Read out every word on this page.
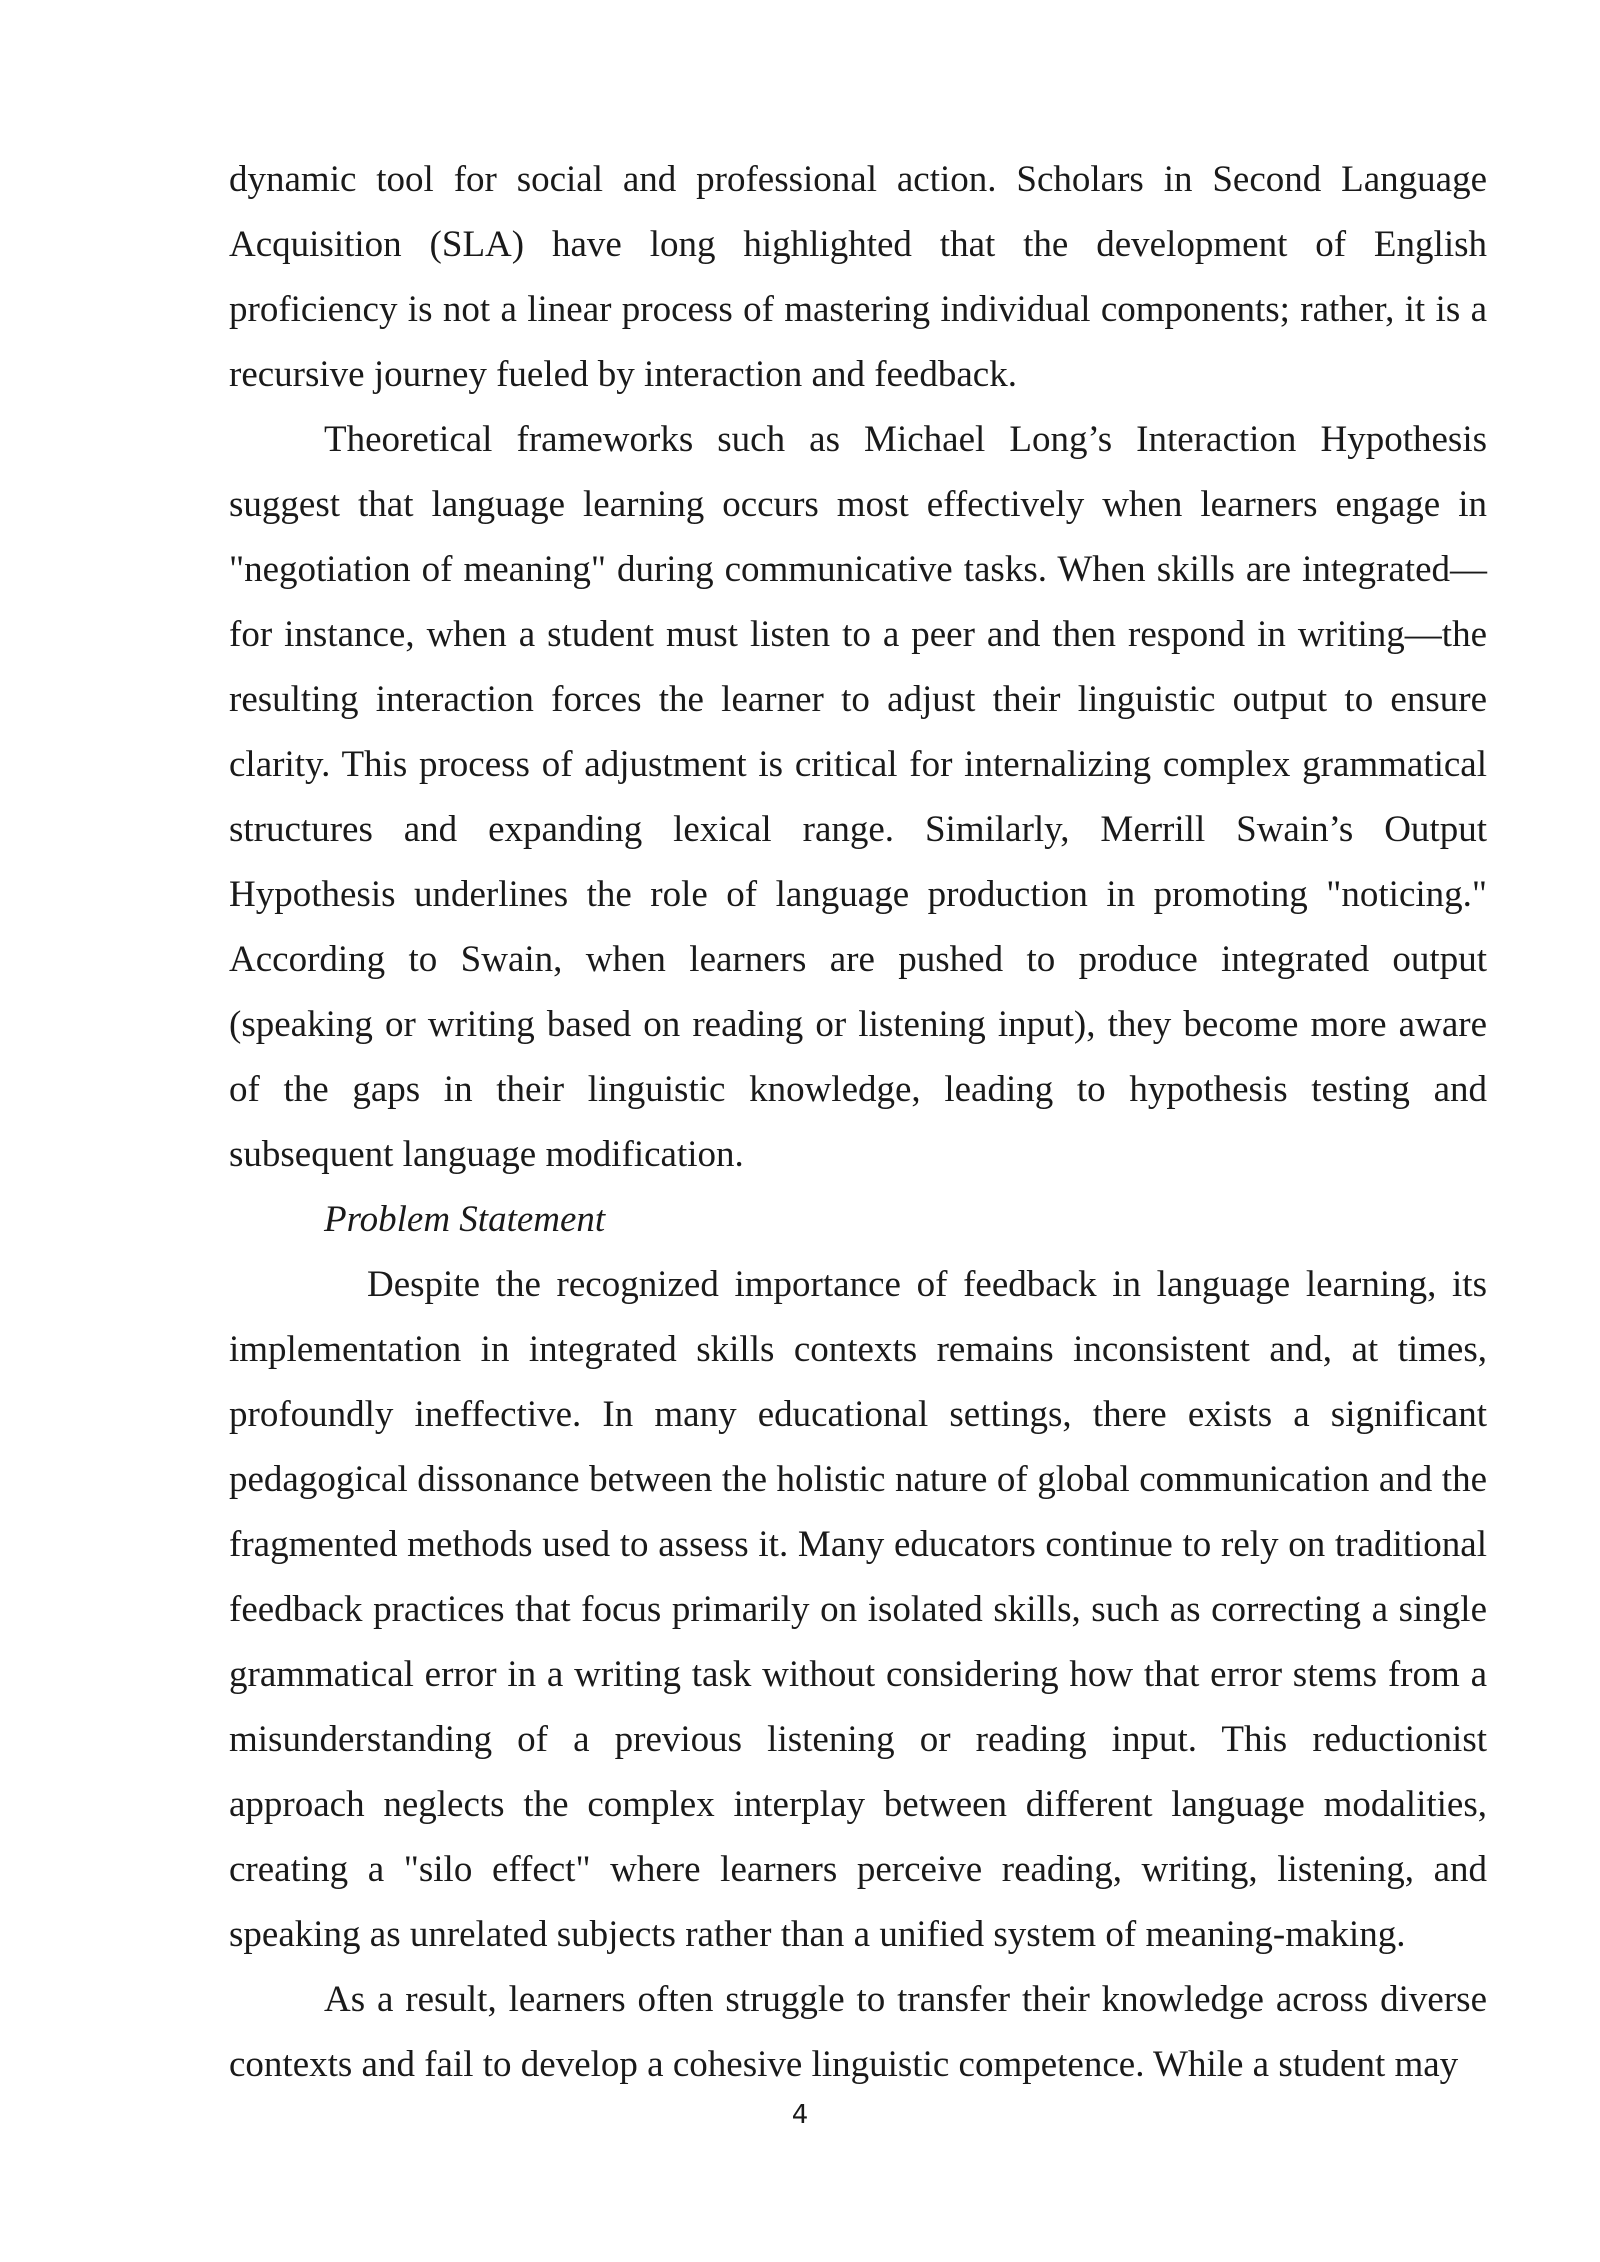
dynamic tool for social and professional action. Scholars in Second Language Acquisition (SLA) have long highlighted that the development of English proficiency is not a linear process of mastering individual components; rather, it is a recursive journey fueled by interaction and feedback.

Theoretical frameworks such as Michael Long’s Interaction Hypothesis suggest that language learning occurs most effectively when learners engage in "negotiation of meaning" during communicative tasks. When skills are integrated—for instance, when a student must listen to a peer and then respond in writing—the resulting interaction forces the learner to adjust their linguistic output to ensure clarity. This process of adjustment is critical for internalizing complex grammatical structures and expanding lexical range. Similarly, Merrill Swain’s Output Hypothesis underlines the role of language production in promoting "noticing." According to Swain, when learners are pushed to produce integrated output (speaking or writing based on reading or listening input), they become more aware of the gaps in their linguistic knowledge, leading to hypothesis testing and subsequent language modification.

Problem Statement

Despite the recognized importance of feedback in language learning, its implementation in integrated skills contexts remains inconsistent and, at times, profoundly ineffective. In many educational settings, there exists a significant pedagogical dissonance between the holistic nature of global communication and the fragmented methods used to assess it. Many educators continue to rely on traditional feedback practices that focus primarily on isolated skills, such as correcting a single grammatical error in a writing task without considering how that error stems from a misunderstanding of a previous listening or reading input. This reductionist approach neglects the complex interplay between different language modalities, creating a "silo effect" where learners perceive reading, writing, listening, and speaking as unrelated subjects rather than a unified system of meaning-making.

As a result, learners often struggle to transfer their knowledge across diverse contexts and fail to develop a cohesive linguistic competence. While a student may

4
